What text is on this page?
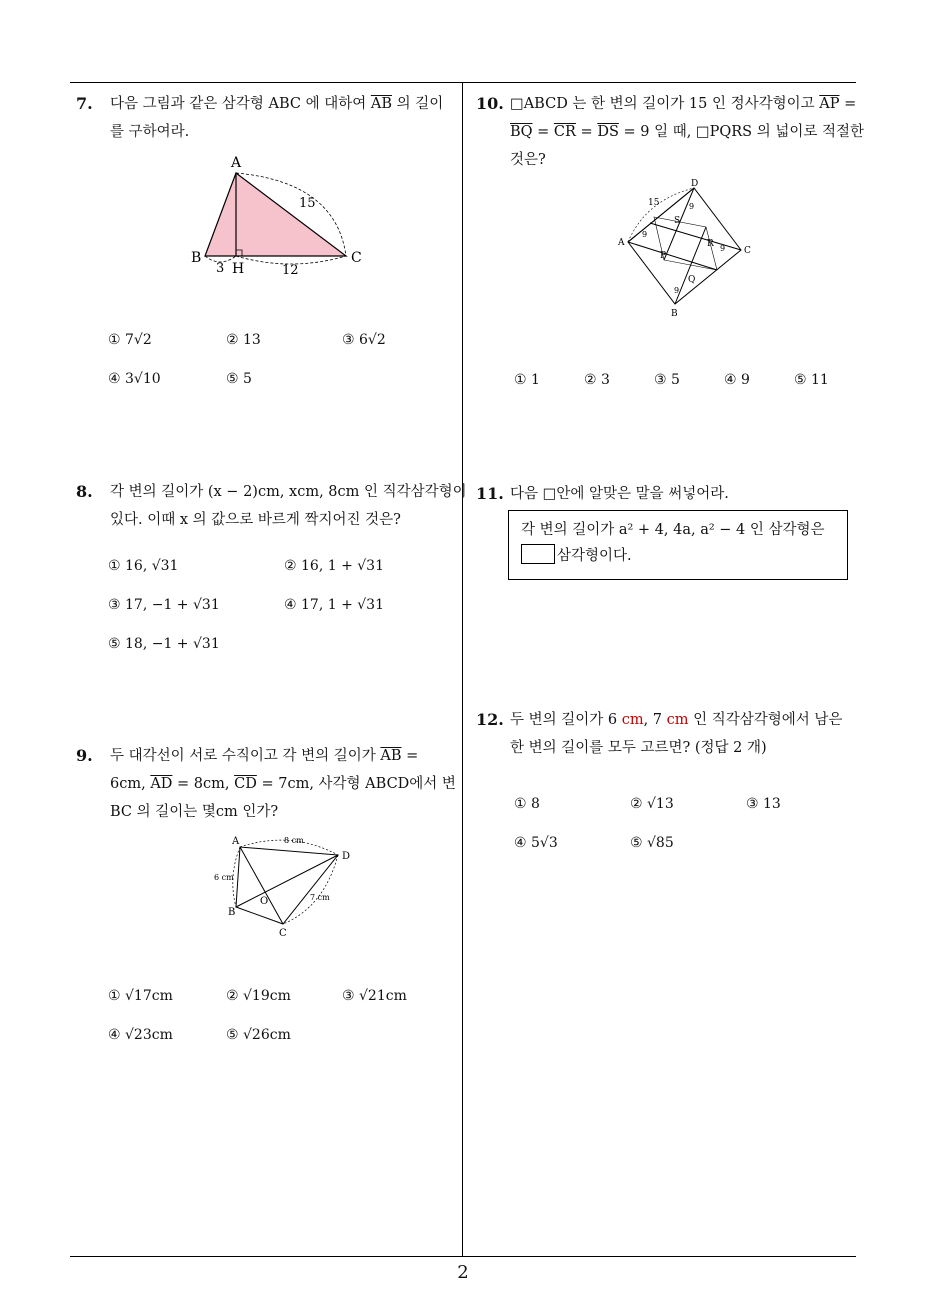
7. 다음 그림과 같은 삼각형 ABC 에 대하여 $\overline{AB}$ 의 길이
를 구하여라.
A
B	C
H
15
3	12
① 7√2	② 13	③ 6√2
④ 3√10	⑤ 5
8. 각 변의 길이가 (x − 2)cm, xcm, 8cm 인 직각삼각형이
있다. 이때 x 의 값으로 바르게 짝지어진 것은?
① 16, √31	② 16, 1 + √31
③ 17, −1 + √31	④ 17, 1 + √31
⑤ 18, −1 + √31
9. 두 대각선이 서로 수직이고 각 변의 길이가 $\overline{AB}$ =
6cm, $\overline{AD} = 8cm$, $\overline{CD} = 7cm$, 사각형 ABCD에서 변
BC 의 길이는 몇cm 인가?
A
B
C
D
O
6 cm
8 cm
7 cm
① √17cm	② √19cm	③ √21cm
④ √23cm	⑤ √26cm
10. □ABCD 는 한 변의 길이가 15 인 정사각형이고 $\overline{AP}$ =
$\overline{BQ} = \overline{CR} = \overline{DS} = 9$ 일 때, □PQRS 의 넓이로 적절한
것은?
D
A
B
C
P
Q
R
S
15
9
9
9
9
① 1	② 3	③ 5	④ 9	⑤ 11
11. 다음 □안에 알맞은 말을 써넣어라.
각 변의 길이가 a² + 4, 4a, a² − 4 인 삼각형은
삼각형이다.
12. 두 변의 길이가 6 cm, 7 cm 인 직각삼각형에서 남은
한 변의 길이를 모두 고르면? (정답 2 개)
① 8	② √13	③ 13
④ 5√3	⑤ √85
2
